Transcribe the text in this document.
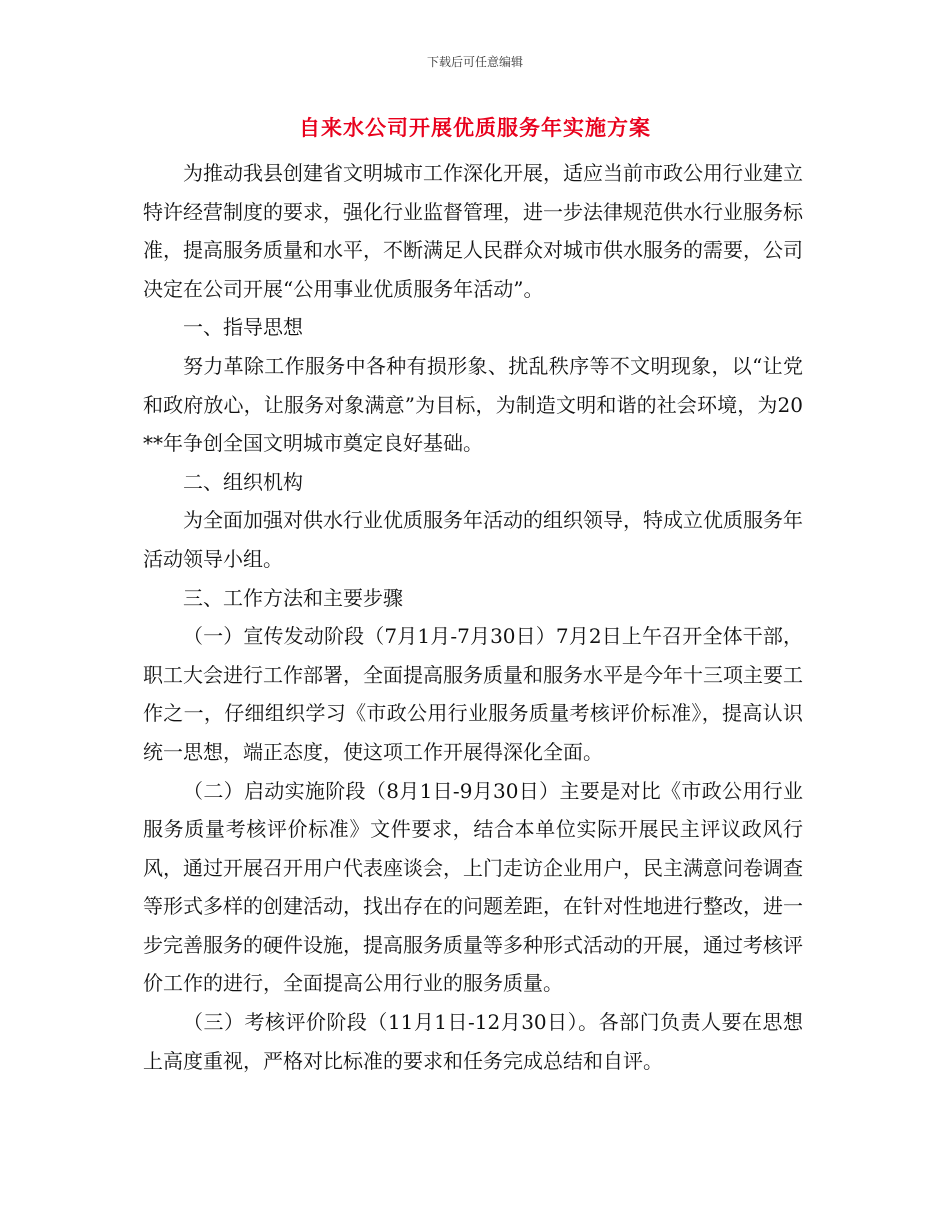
下载后可任意编辑
自来水公司开展优质服务年实施方案

为推动我县创建省文明城市工作深化开展，适应当前市政公用行业建立特许经营制度的要求，强化行业监督管理，进一步法律规范供水行业服务标准，提高服务质量和水平，不断满足人民群众对城市供水服务的需要，公司决定在公司开展“公用事业优质服务年活动”。

一、指导思想

努力革除工作服务中各种有损形象、扰乱秩序等不文明现象，以“让党和政府放心，让服务对象满意”为目标，为制造文明和谐的社会环境，为20**年争创全国文明城市奠定良好基础。

二、组织机构

为全面加强对供水行业优质服务年活动的组织领导，特成立优质服务年活动领导小组。

三、工作方法和主要步骤

（一）宣传发动阶段（7月1月-7月30日）7月2日上午召开全体干部，职工大会进行工作部署，全面提高服务质量和服务水平是今年十三项主要工作之一，仔细组织学习《市政公用行业服务质量考核评价标准》，提高认识统一思想，端正态度，使这项工作开展得深化全面。

（二）启动实施阶段（8月1日-9月30日）主要是对比《市政公用行业服务质量考核评价标准》文件要求，结合本单位实际开展民主评议政风行风，通过开展召开用户代表座谈会，上门走访企业用户，民主满意问卷调查等形式多样的创建活动，找出存在的问题差距，在针对性地进行整改，进一步完善服务的硬件设施，提高服务质量等多种形式活动的开展，通过考核评价工作的进行，全面提高公用行业的服务质量。

（三）考核评价阶段（11月1日-12月30日）。各部门负责人要在思想上高度重视，严格对比标准的要求和任务完成总结和自评。
